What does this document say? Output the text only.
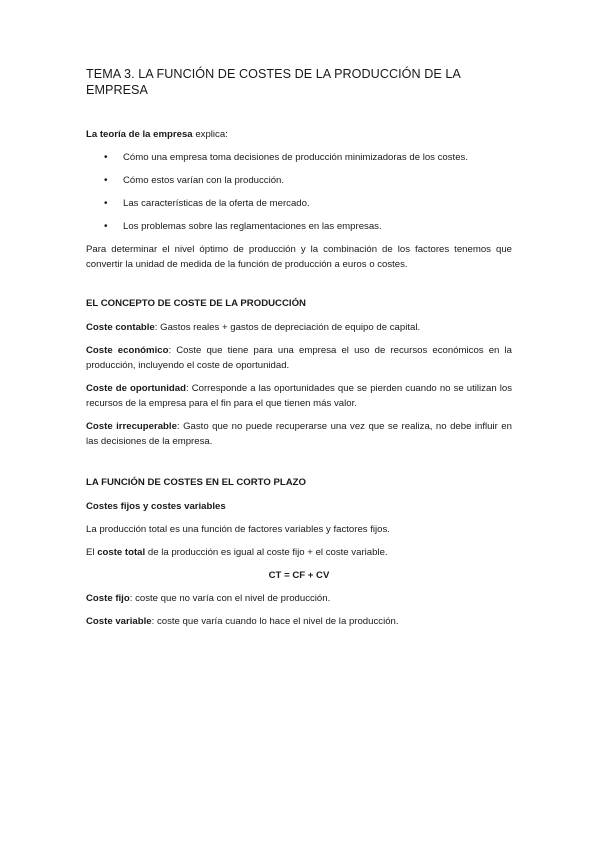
TEMA 3. LA FUNCIÓN DE COSTES DE LA PRODUCCIÓN DE LA EMPRESA

La teoría de la empresa explica:

• Cómo una empresa toma decisiones de producción minimizadoras de los costes.
• Cómo estos varían con la producción.
• Las características de la oferta de mercado.
• Los problemas sobre las reglamentaciones en las empresas.

Para determinar el nivel óptimo de producción y la combinación de los factores tenemos que convertir la unidad de medida de la función de producción a euros o costes.

EL CONCEPTO DE COSTE DE LA PRODUCCIÓN

Coste contable: Gastos reales + gastos de depreciación de equipo de capital.

Coste económico: Coste que tiene para una empresa el uso de recursos económicos en la producción, incluyendo el coste de oportunidad.

Coste de oportunidad: Corresponde a las oportunidades que se pierden cuando no se utilizan los recursos de la empresa para el fin para el que tienen más valor.

Coste irrecuperable: Gasto que no puede recuperarse una vez que se realiza, no debe influir en las decisiones de la empresa.

LA FUNCIÓN DE COSTES EN EL CORTO PLAZO

Costes fijos y costes variables

La producción total es una función de factores variables y factores fijos.

El coste total de la producción es igual al coste fijo + el coste variable.

CT = CF + CV

Coste fijo: coste que no varía con el nivel de producción.

Coste variable: coste que varía cuando lo hace el nivel de la producción.
